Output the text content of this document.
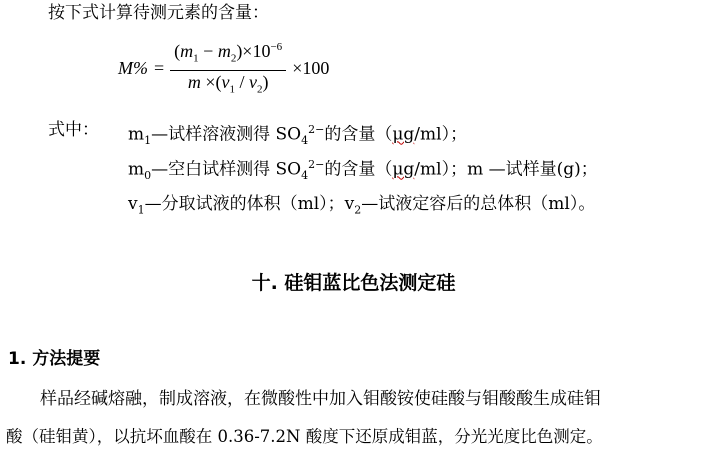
按下式计算待测元素的含量：
$M\% = \frac{(m_1 - m_2)\times 10^{-6}}{m \times(v_1 / v_2)} \times 100$
式中： $m_1—$试样溶液测得 $SO_4^{2-}$的含量（μg/ml）；
$m_0—$空白试样测得 $SO_4^{2-}$的含量（μg/ml）；m —试样量(g)；
$v_1—$分取试液的体积（ml）；$v_2—$试液定容后的总体积（ml）。
十. 硅钼蓝比色法测定硅
1. 方法提要
样品经碱熔融，制成溶液，在微酸性中加入钼酸铵使硅酸与钼酸酸生成硅钼
酸（硅钼黄），以抗坏血酸在 0.36-7.2N 酸度下还原成钼蓝，分光光度比色测定。
